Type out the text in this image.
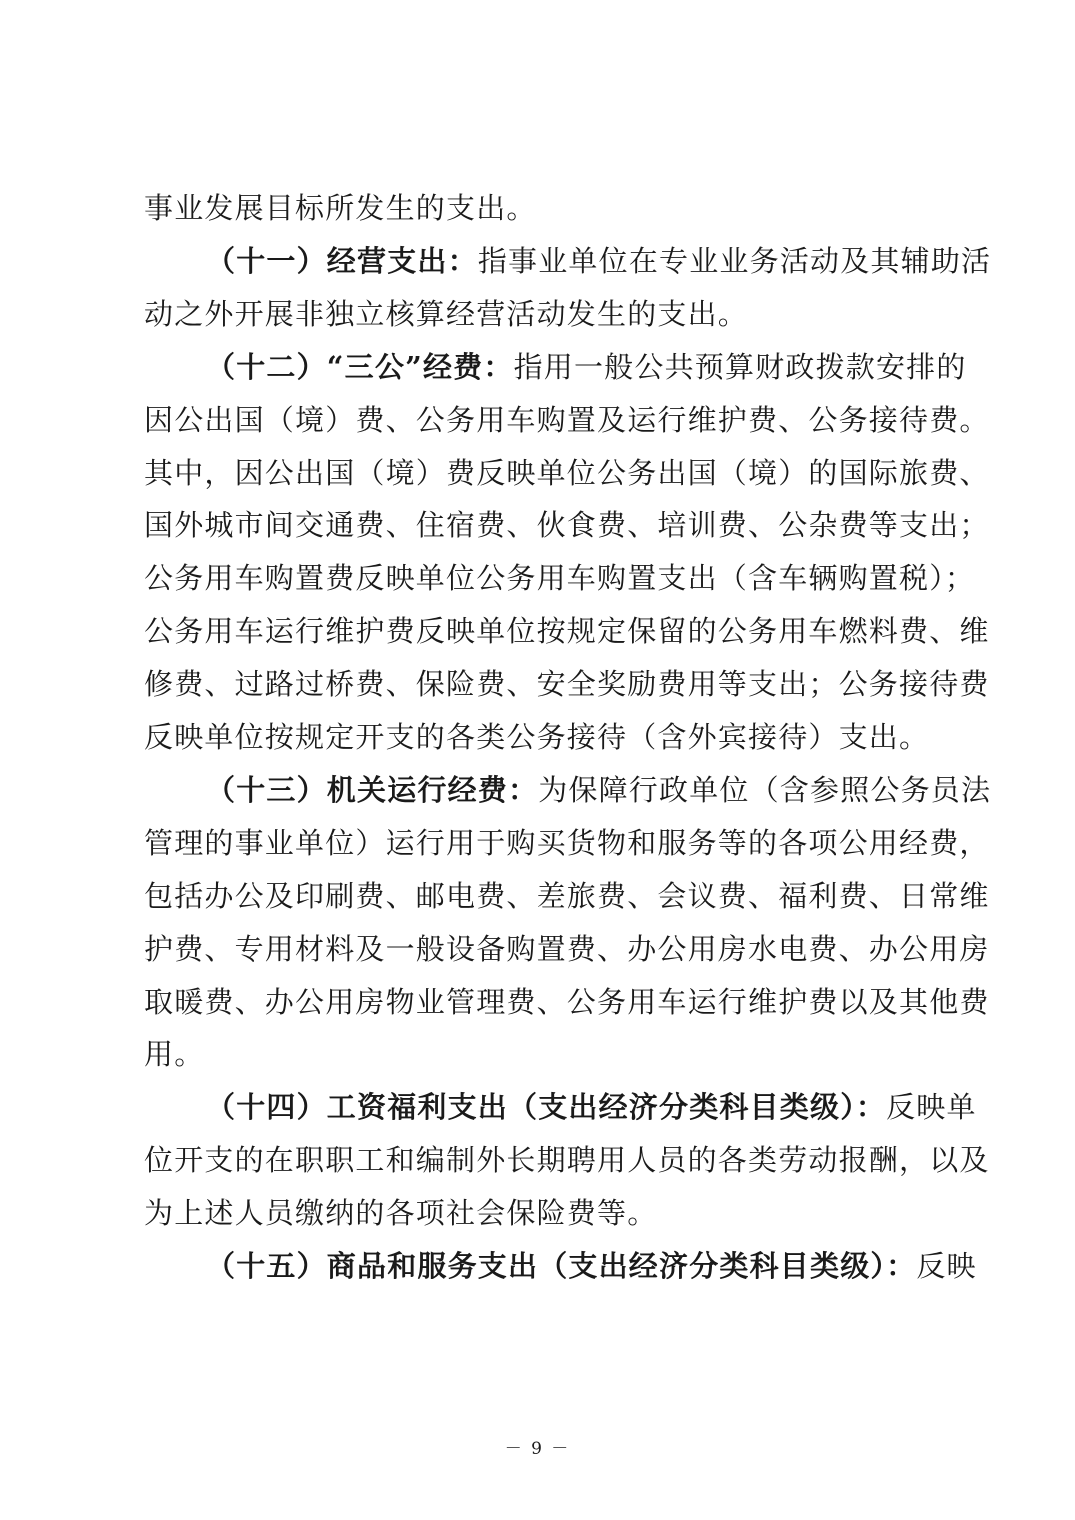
事业发展目标所发生的支出。
（十一）经营支出：指事业单位在专业业务活动及其辅助活
动之外开展非独立核算经营活动发生的支出。
（十二）“三公”经费：指用一般公共预算财政拨款安排的
因公出国（境）费、公务用车购置及运行维护费、公务接待费。
其中，因公出国（境）费反映单位公务出国（境）的国际旅费、
国外城市间交通费、住宿费、伙食费、培训费、公杂费等支出；
公务用车购置费反映单位公务用车购置支出（含车辆购置税）；
公务用车运行维护费反映单位按规定保留的公务用车燃料费、维
修费、过路过桥费、保险费、安全奖励费用等支出；公务接待费
反映单位按规定开支的各类公务接待（含外宾接待）支出。
（十三）机关运行经费：为保障行政单位（含参照公务员法
管理的事业单位）运行用于购买货物和服务等的各项公用经费，
包括办公及印刷费、邮电费、差旅费、会议费、福利费、日常维
护费、专用材料及一般设备购置费、办公用房水电费、办公用房
取暖费、办公用房物业管理费、公务用车运行维护费以及其他费
用。
（十四）工资福利支出（支出经济分类科目类级）：反映单
位开支的在职职工和编制外长期聘用人员的各类劳动报酬，以及
为上述人员缴纳的各项社会保险费等。
（十五）商品和服务支出（支出经济分类科目类级）：反映
－ 9 －
